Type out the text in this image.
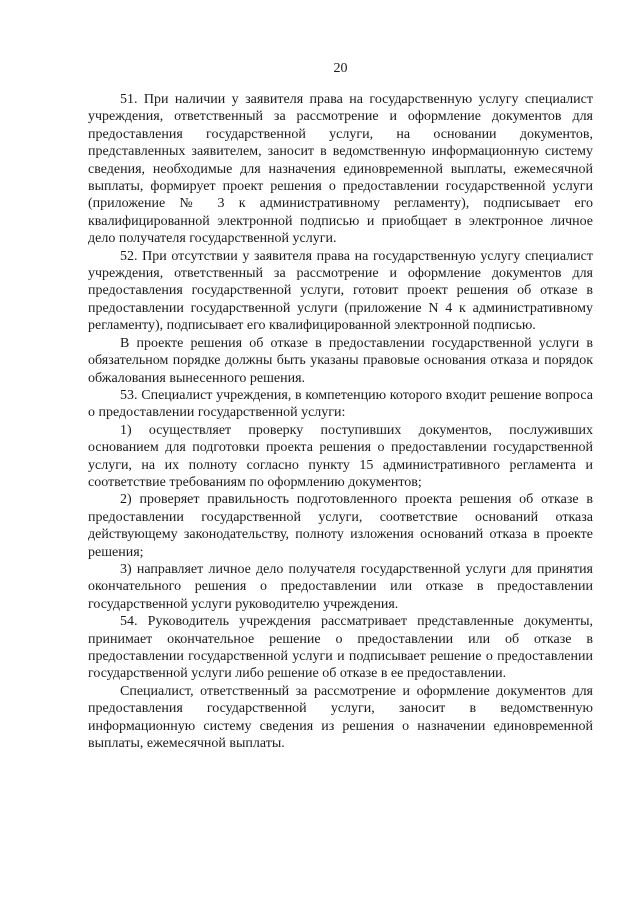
20

51. При наличии у заявителя права на государственную услугу специалист учреждения, ответственный за рассмотрение и оформление документов для предоставления государственной услуги, на основании документов, представленных заявителем, заносит в ведомственную информационную систему сведения, необходимые для назначения единовременной выплаты, ежемесячной выплаты, формирует проект решения о предоставлении государственной услуги (приложение № 3 к административному регламенту), подписывает его квалифицированной электронной подписью и приобщает в электронное личное дело получателя государственной услуги.

52. При отсутствии у заявителя права на государственную услугу специалист учреждения, ответственный за рассмотрение и оформление документов для предоставления государственной услуги, готовит проект решения об отказе в предоставлении государственной услуги (приложение N 4 к административному регламенту), подписывает его квалифицированной электронной подписью.

В проекте решения об отказе в предоставлении государственной услуги в обязательном порядке должны быть указаны правовые основания отказа и порядок обжалования вынесенного решения.

53. Специалист учреждения, в компетенцию которого входит решение вопроса о предоставлении государственной услуги:

1) осуществляет проверку поступивших документов, послуживших основанием для подготовки проекта решения о предоставлении государственной услуги, на их полноту согласно пункту 15 административного регламента и соответствие требованиям по оформлению документов;

2) проверяет правильность подготовленного проекта решения об отказе в предоставлении государственной услуги, соответствие оснований отказа действующему законодательству, полноту изложения оснований отказа в проекте решения;

3) направляет личное дело получателя государственной услуги для принятия окончательного решения о предоставлении или отказе в предоставлении государственной услуги руководителю учреждения.

54. Руководитель учреждения рассматривает представленные документы, принимает окончательное решение о предоставлении или об отказе в предоставлении государственной услуги и подписывает решение о предоставлении государственной услуги либо решение об отказе в ее предоставлении.

Специалист, ответственный за рассмотрение и оформление документов для предоставления государственной услуги, заносит в ведомственную информационную систему сведения из решения о назначении единовременной выплаты, ежемесячной выплаты.
